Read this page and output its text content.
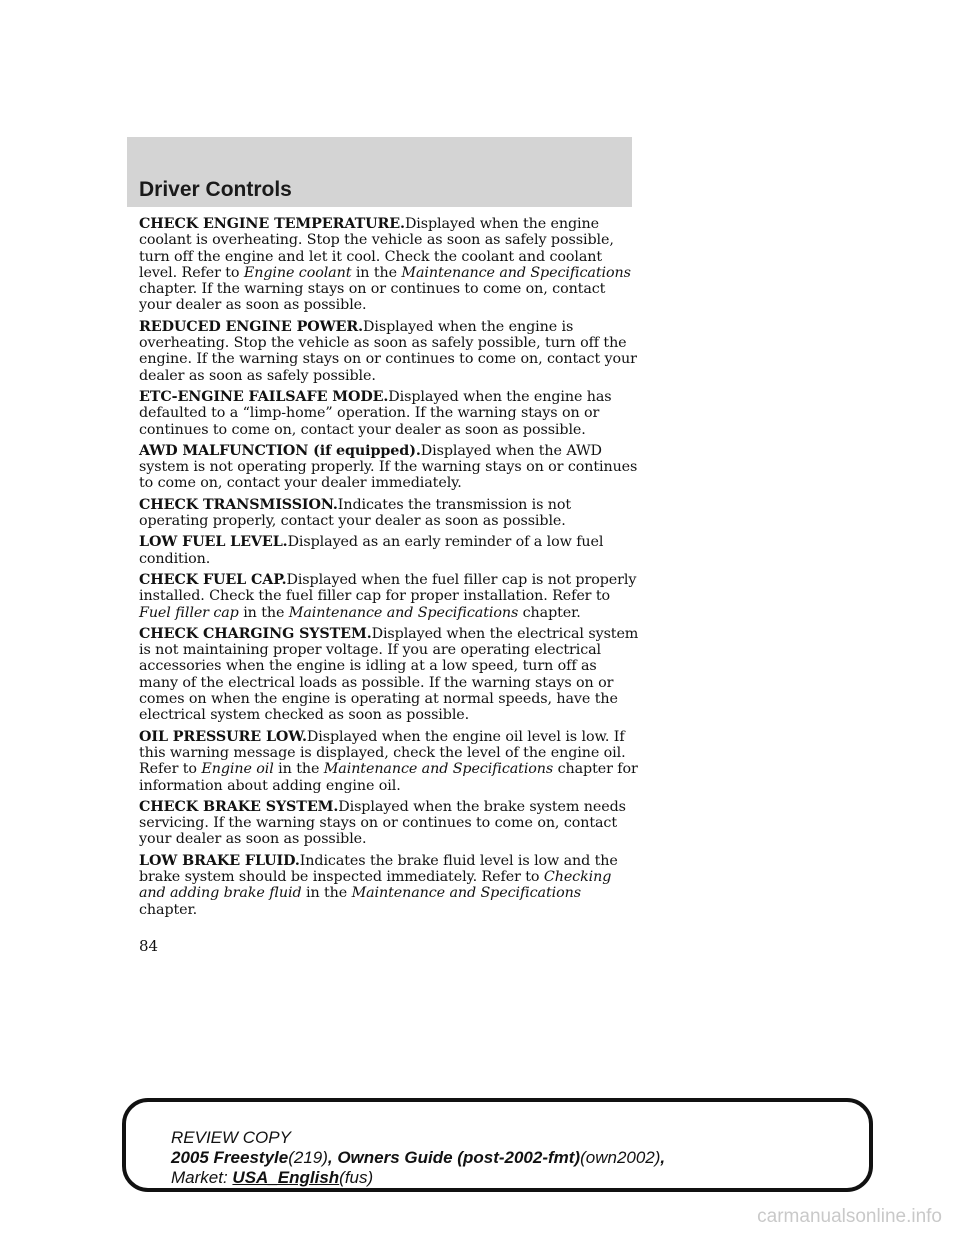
Driver Controls

CHECK ENGINE TEMPERATURE.Displayed when the engine coolant is overheating. Stop the vehicle as soon as safely possible, turn off the engine and let it cool. Check the coolant and coolant level. Refer to Engine coolant in the Maintenance and Specifications chapter. If the warning stays on or continues to come on, contact your dealer as soon as possible.

REDUCED ENGINE POWER.Displayed when the engine is overheating. Stop the vehicle as soon as safely possible, turn off the engine. If the warning stays on or continues to come on, contact your dealer as soon as safely possible.

ETC-ENGINE FAILSAFE MODE.Displayed when the engine has defaulted to a “limp-home” operation. If the warning stays on or continues to come on, contact your dealer as soon as possible.

AWD MALFUNCTION (if equipped).Displayed when the AWD system is not operating properly. If the warning stays on or continues to come on, contact your dealer immediately.

CHECK TRANSMISSION.Indicates the transmission is not operating properly, contact your dealer as soon as possible.

LOW FUEL LEVEL.Displayed as an early reminder of a low fuel condition.

CHECK FUEL CAP.Displayed when the fuel filler cap is not properly installed. Check the fuel filler cap for proper installation. Refer to Fuel filler cap in the Maintenance and Specifications chapter.

CHECK CHARGING SYSTEM.Displayed when the electrical system is not maintaining proper voltage. If you are operating electrical accessories when the engine is idling at a low speed, turn off as many of the electrical loads as possible. If the warning stays on or comes on when the engine is operating at normal speeds, have the electrical system checked as soon as possible.

OIL PRESSURE LOW.Displayed when the engine oil level is low. If this warning message is displayed, check the level of the engine oil. Refer to Engine oil in the Maintenance and Specifications chapter for information about adding engine oil.

CHECK BRAKE SYSTEM.Displayed when the brake system needs servicing. If the warning stays on or continues to come on, contact your dealer as soon as possible.

LOW BRAKE FLUID.Indicates the brake fluid level is low and the brake system should be inspected immediately. Refer to Checking and adding brake fluid in the Maintenance and Specifications chapter.

84
REVIEW COPY
2005 Freestyle(219), Owners Guide (post-2002-fmt)(own2002),
Market: USA_English(fus)
carmanualsonline.info
